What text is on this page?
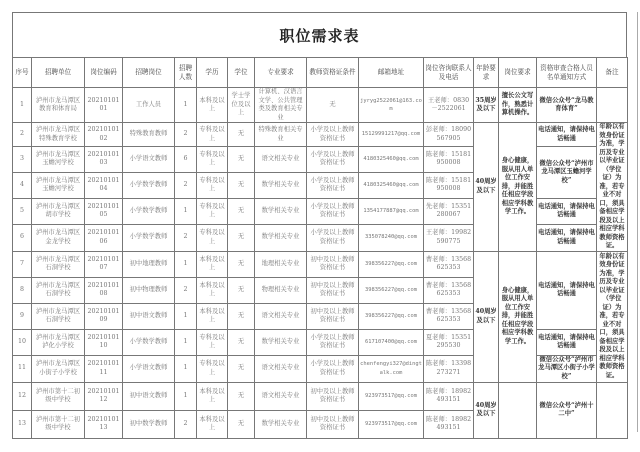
职位需求表
序号	招聘单位	岗位编码	招聘岗位	招聘人数	学历	学位	专业要求	教师资格证条件	邮箱地址	岗位咨询联系人及电话	年龄要求	岗位要求	资格审查合格人员名单通知方式	备注
1	泸州市龙马潭区教育和体育局	2021010101	工作人员	1	本科及以上	学士学位及以上	计算机、汉语言文学、公共管理类及教育相关专业	无	jyryg2522061@163.com	王老师：0830－2522061	35周岁及以下	擅长公文写作，熟悉计算机操作。	微信公众号“龙马教育体育”	
2	泸州市龙马潭区特殊教育学校	2021010102	特殊教育教师	2	专科及以上	无	特殊教育相关专业	小学及以上教师资格证书	15129991217@qq.com	彭老师：18090567905	40周岁及以下	身心健康，服从用人单位工作安排，并能胜任相应学段相应学科教学工作。	电话通知，请保持电话畅通	年龄以有效身份证为准，学历及专业以毕业证（学位证）为准，若专业不对口，须具备相应学段及以上相应学科教师资格证。
3	泸州市龙马潭区玉蟾河学校	2021010103	小学语文教师	6	专科及以上	无	语文相关专业	小学及以上教师资格证书	4180325460@qq.com	陈老师：15181950008			微信公众号“泸州市龙马潭区玉蟾河学校”	
4	泸州市龙马潭区玉蟾河学校	2021010104	小学数学教师	2	专科及以上	无	数学相关专业	小学及以上教师资格证书	4180325460@qq.com	陈老师：15181950008				
5	泸州市龙马潭区胡市学校	2021010105	小学数学教师	1	专科及以上	无	数学相关专业	小学及以上教师资格证书	1354177887@qq.com	先老师：15351280067			电话通知，请保持电话畅通	
6	泸州市龙马潭区金龙学校	2021010106	小学数学教师	2	专科及以上	无	数学相关专业	小学及以上教师资格证书	335078240@qq.com	王老师：19982590775			电话通知，请保持电话畅通	
7	泸州市龙马潭区石洞学校	2021010107	初中地理教师	1	本科及以上	无	地理相关专业	初中及以上教师资格证书	398356227@qq.com	曹老师：13568625353	40周岁及以下	身心健康，服从用人单位工作安排，并能胜任相应学段相应学科教学工作。	电话通知，请保持电话畅通	年龄以有效身份证为准，学历及专业以毕业证（学位证）为准，若专业不对口，须具备相应学段及以上相应学科教师资格证。
8	泸州市龙马潭区石洞学校	2021010108	初中物理教师	2	本科及以上	无	物理相关专业	初中及以上教师资格证书	398356227@qq.com	曹老师：13568625353				
9	泸州市龙马潭区石洞学校	2021010109	初中语文教师	1	本科及以上	无	语文相关专业	初中及以上教师资格证书	398356227@qq.com	曹老师：13568625353				
10	泸州市龙马潭区泸化小学校	2021010110	小学数学教师	1	专科及以上	无	数学相关专业	小学及以上教师资格证书	617107400@qq.com	夏老师：15351295530			电话通知，请保持电话畅通	
11	泸州市龙马潭区小街子小学校	2021010111	小学语文教师	1	专科及以上	无	语文相关专业	小学及以上教师资格证书	chenfengyi327@dingtalk.com	陈老师：13398273271			微信公众号“泸州市龙马潭区小街子小学校”	
12	泸州市第十二初级中学校	2021010112	初中语文教师	1	本科及以上	无	语文相关专业	初中及以上教师资格证书	923973517@qq.com	陈老师：18982493151	40周岁及以下		微信公众号“泸州十二中”	
13	泸州市第十二初级中学校	2021010113	初中数学教师	2	本科及以上	无	数学相关专业	初中及以上教师资格证书	923973517@qq.com	陈老师：18982493151				
